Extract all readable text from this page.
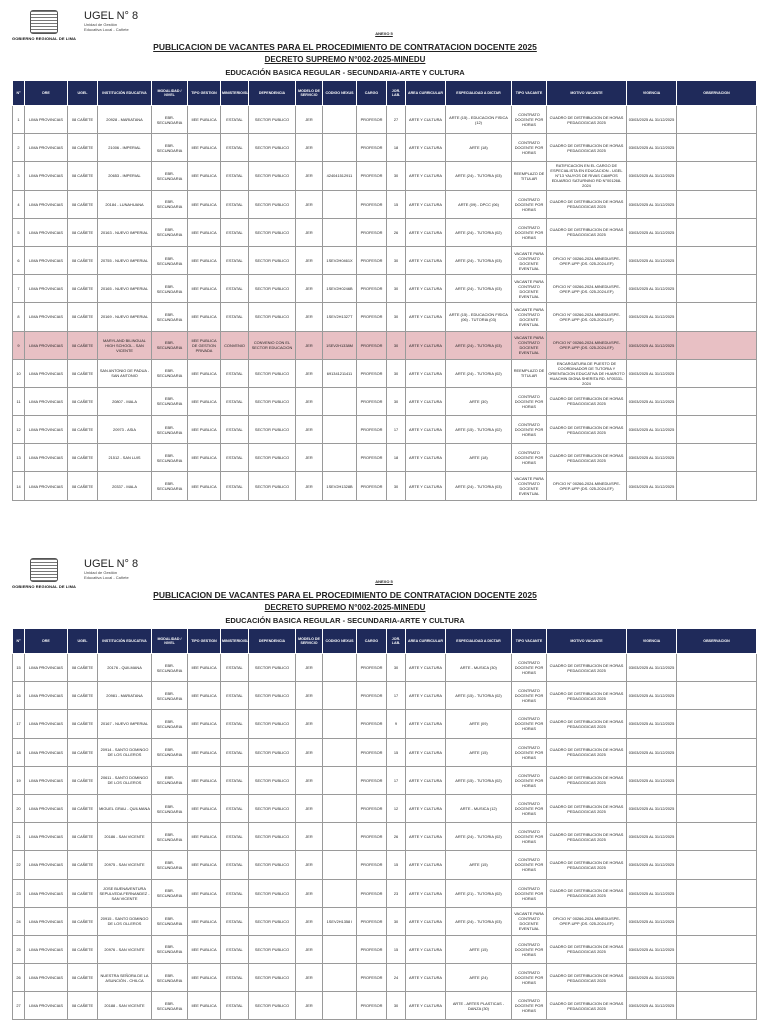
GOBIERNO REGIONAL DE LIMA
UGEL N° 8
Unidad de Gestión
Educativa Local - Cañete
ANEXO 5
PUBLICACION DE VACANTES PARA EL PROCEDIMIENTO DE CONTRATACION DOCENTE 2025
DECRETO SUPREMO N°002-2025-MINEDU
EDUCACIÓN BASICA REGULAR - SECUNDARIA-ARTE Y CULTURA
N°	DRE	UGEL	INSTITUCIÓN EDUCATIVA	MODALIDAD / NIVEL	TIPO GESTION	MINISTERIO/SL	DEPENDENCIA	MODELO DE SERVICIO	CODIGO NEXUS	CARGO	JOR. LAB.	AREA CURRICULAR	ESPECIALIDAD A DICTAR	TIPO VACANTE	MOTIVO VACANTE	VIGENCIA	OBSERVACION
1	LIMA PROVINCIAS	08 CAÑETE	20928 - MARIATANA	EBR-SECUNDARIA	IIEE PUBLICA	ESTATAL	SECTOR PUBLICO	JER		PROFESOR	27	ARTE Y CULTURA	ARTE (15) - EDUCACION FISICA (12)	CONTRATO DOCENTE POR HORAS	CUADRO DE DISTRIBUCION DE HORAS PEDAGOGICAS 2025	03/03/2025 AL 31/12/2025	
2	LIMA PROVINCIAS	08 CAÑETE	21006 - IMPERIAL	EBR-SECUNDARIA	IIEE PUBLICA	ESTATAL	SECTOR PUBLICO	JER		PROFESOR	18	ARTE Y CULTURA	ARTE (18)	CONTRATO DOCENTE POR HORAS	CUADRO DE DISTRIBUCION DE HORAS PEDAGOGICAS 2025	03/03/2025 AL 31/12/2025	
3	LIMA PROVINCIAS	08 CAÑETE	20653 - IMPERIAL	EBR-SECUNDARIA	IIEE PUBLICA	ESTATAL	SECTOR PUBLICO	JER	424041512911	PROFESOR	30	ARTE Y CULTURA	ARTE (24) - TUTORIA (03)	REEMPLAZO DE TITULAR	RATIFICACION EN EL CARGO DE ESPECIALISTA EN EDUCACION - UGEL N°13 YAUYOS DE RIVAS CAMPOS EDUARDO SATURNINO RD N°001268-2024	03/03/2025 AL 31/12/2025	
4	LIMA PROVINCIAS	08 CAÑETE	20184 - LUNAHUANA	EBR-SECUNDARIA	IIEE PUBLICA	ESTATAL	SECTOR PUBLICO	JER		PROFESOR	15	ARTE Y CULTURA	ARTE (09) - DPCC (06)	CONTRATO DOCENTE POR HORAS	CUADRO DE DISTRIBUCION DE HORAS PEDAGOGICAS 2025	03/03/2025 AL 31/12/2025	
5	LIMA PROVINCIAS	08 CAÑETE	20163 - NUEVO IMPERIAL	EBR-SECUNDARIA	IIEE PUBLICA	ESTATAL	SECTOR PUBLICO	JER		PROFESOR	26	ARTE Y CULTURA	ARTE (24) - TUTORIA (02)	CONTRATO DOCENTE POR HORAS	CUADRO DE DISTRIBUCION DE HORAS PEDAGOGICAS 2025	03/03/2025 AL 31/12/2025	
6	LIMA PROVINCIAS	08 CAÑETE	20755 - NUEVO IMPERIAL	EBR-SECUNDARIA	IIEE PUBLICA	ESTATAL	SECTOR PUBLICO	JER	1SEV2H0461X	PROFESOR	30	ARTE Y CULTURA	ARTE (24) - TUTORIA (03)	VACANTE PARA CONTRATO DOCENTE EVENTUAL	OFICIO N° 00266-2024-MINEDU/SPE-OPEP-UPP (DS. 025-2024-EF)	03/03/2025 AL 31/12/2025	
7	LIMA PROVINCIAS	08 CAÑETE	20165 - NUEVO IMPERIAL	EBR-SECUNDARIA	IIEE PUBLICA	ESTATAL	SECTOR PUBLICO	JER	1SEV2H0246B	PROFESOR	30	ARTE Y CULTURA	ARTE (24) - TUTORIA (03)	VACANTE PARA CONTRATO DOCENTE EVENTUAL	OFICIO N° 00266-2024-MINEDU/SPE-OPEP-UPP (DS. 025-2024-EF)	03/03/2025 AL 31/12/2025	
8	LIMA PROVINCIAS	08 CAÑETE	20169 - NUEVO IMPERIAL	EBR-SECUNDARIA	IIEE PUBLICA	ESTATAL	SECTOR PUBLICO	JER	1SEV2H1327T	PROFESOR	30	ARTE Y CULTURA	ARTE (15) - EDUCACION FISICA (06) - TUTORIA (03)	VACANTE PARA CONTRATO DOCENTE EVENTUAL	OFICIO N° 00266-2024-MINEDU/SPE-OPEP-UPP (DS. 025-2024-EF)	03/03/2025 AL 31/12/2025	
9	LIMA PROVINCIAS	08 CAÑETE	MARYLAND BILINGUAL HIGH SCHOOL - SAN VICENTE	EBR-SECUNDARIA	IIEE PUBLICA DE GESTION PRIVADA	CONVENIO	CONVENIO CON EL SECTOR EDUCACION	JER	1SEV2H1338M	PROFESOR	30	ARTE Y CULTURA	ARTE (24) - TUTORIA (03)	VACANTE PARA CONTRATO DOCENTE EVENTUAL	OFICIO N° 00266-2024-MINEDU/SPE-OPEP-UPP (DS. 025-2024-EF)	03/03/2025 AL 31/12/2025	
10	LIMA PROVINCIAS	08 CAÑETE	SAN ANTONIO DE PADUA - SAN ANTONIO	EBR-SECUNDARIA	IIEE PUBLICA	ESTATAL	SECTOR PUBLICO	JER	691341211411	PROFESOR	30	ARTE Y CULTURA	ARTE (24) - TUTORIA (02)	REEMPLAZO DE TITULAR	ENCARGATURA DE PUESTO DE COORDINADOR DE TUTORIA Y ORIENTACION EDUCATIVA DE HUAROTO HUACHIN DIGNA SHERITA RD. N°05331-2024	03/03/2025 AL 31/12/2025	
11	LIMA PROVINCIAS	08 CAÑETE	20807 - MALA	EBR-SECUNDARIA	IIEE PUBLICA	ESTATAL	SECTOR PUBLICO	JER		PROFESOR	30	ARTE Y CULTURA	ARTE (30)	CONTRATO DOCENTE POR HORAS	CUADRO DE DISTRIBUCION DE HORAS PEDAGOGICAS 2025	03/03/2025 AL 31/12/2025	
12	LIMA PROVINCIAS	08 CAÑETE	20973 - ASIA	EBR-SECUNDARIA	IIEE PUBLICA	ESTATAL	SECTOR PUBLICO	JER		PROFESOR	17	ARTE Y CULTURA	ARTE (15) - TUTORIA (02)	CONTRATO DOCENTE POR HORAS	CUADRO DE DISTRIBUCION DE HORAS PEDAGOGICAS 2025	03/03/2025 AL 31/12/2025	
13	LIMA PROVINCIAS	08 CAÑETE	21512 - SAN LUIS	EBR-SECUNDARIA	IIEE PUBLICA	ESTATAL	SECTOR PUBLICO	JER		PROFESOR	18	ARTE Y CULTURA	ARTE (18)	CONTRATO DOCENTE POR HORAS	CUADRO DE DISTRIBUCION DE HORAS PEDAGOGICAS 2025	03/03/2025 AL 31/12/2025	
14	LIMA PROVINCIAS	08 CAÑETE	20337 - MALA	EBR-SECUNDARIA	IIEE PUBLICA	ESTATAL	SECTOR PUBLICO	JER	1SEV2H1328B	PROFESOR	30	ARTE Y CULTURA	ARTE (24) - TUTORIA (03)	VACANTE PARA CONTRATO DOCENTE EVENTUAL	OFICIO N° 00266-2024-MINEDU/SPE-OPEP-UPP (DS. 025-2024-EF)	03/03/2025 AL 31/12/2025	
GOBIERNO REGIONAL DE LIMA
UGEL N° 8
Unidad de Gestión
Educativa Local - Cañete
ANEXO 5
PUBLICACION DE VACANTES PARA EL PROCEDIMIENTO DE CONTRATACION DOCENTE 2025
DECRETO SUPREMO N°002-2025-MINEDU
EDUCACIÓN BASICA REGULAR - SECUNDARIA-ARTE Y CULTURA
N°	DRE	UGEL	INSTITUCIÓN EDUCATIVA	MODALIDAD / NIVEL	TIPO GESTION	MINISTERIO/SL	DEPENDENCIA	MODELO DE SERVICIO	CODIGO NEXUS	CARGO	JOR. LAB.	AREA CURRICULAR	ESPECIALIDAD A DICTAR	TIPO VACANTE	MOTIVO VACANTE	VIGENCIA	OBSERVACION
15	LIMA PROVINCIAS	08 CAÑETE	20176 - QUILMANA	EBR-SECUNDARIA	IIEE PUBLICA	ESTATAL	SECTOR PUBLICO	JER		PROFESOR	30	ARTE Y CULTURA	ARTE - MUSICA (30)	CONTRATO DOCENTE POR HORAS	CUADRO DE DISTRIBUCION DE HORAS PEDAGOGICAS 2025	03/03/2025 AL 31/12/2025	
16	LIMA PROVINCIAS	08 CAÑETE	20981 - MARIATANA	EBR-SECUNDARIA	IIEE PUBLICA	ESTATAL	SECTOR PUBLICO	JER		PROFESOR	17	ARTE Y CULTURA	ARTE (15) - TUTORIA (02)	CONTRATO DOCENTE POR HORAS	CUADRO DE DISTRIBUCION DE HORAS PEDAGOGICAS 2025	03/03/2025 AL 31/12/2025	
17	LIMA PROVINCIAS	08 CAÑETE	20167 - NUEVO IMPERIAL	EBR-SECUNDARIA	IIEE PUBLICA	ESTATAL	SECTOR PUBLICO	JER		PROFESOR	9	ARTE Y CULTURA	ARTE (09)	CONTRATO DOCENTE POR HORAS	CUADRO DE DISTRIBUCION DE HORAS PEDAGOGICAS 2025	03/03/2025 AL 31/12/2025	
18	LIMA PROVINCIAS	08 CAÑETE	20914 - SANTO DOMINGO DE LOS OLLEROS	EBR-SECUNDARIA	IIEE PUBLICA	ESTATAL	SECTOR PUBLICO	JER		PROFESOR	15	ARTE Y CULTURA	ARTE (15)	CONTRATO DOCENTE POR HORAS	CUADRO DE DISTRIBUCION DE HORAS PEDAGOGICAS 2025	03/03/2025 AL 31/12/2025	
19	LIMA PROVINCIAS	08 CAÑETE	20611 - SANTO DOMINGO DE LOS OLLEROS	EBR-SECUNDARIA	IIEE PUBLICA	ESTATAL	SECTOR PUBLICO	JER		PROFESOR	17	ARTE Y CULTURA	ARTE (15) - TUTORIA (02)	CONTRATO DOCENTE POR HORAS	CUADRO DE DISTRIBUCION DE HORAS PEDAGOGICAS 2025	03/03/2025 AL 31/12/2025	
20	LIMA PROVINCIAS	08 CAÑETE	MIGUEL GRAU - QUILMANA	EBR-SECUNDARIA	IIEE PUBLICA	ESTATAL	SECTOR PUBLICO	JER		PROFESOR	12	ARTE Y CULTURA	ARTE - MUSICA (12)	CONTRATO DOCENTE POR HORAS	CUADRO DE DISTRIBUCION DE HORAS PEDAGOGICAS 2025	03/03/2025 AL 31/12/2025	
21	LIMA PROVINCIAS	08 CAÑETE	20186 - SAN VICENTE	EBR-SECUNDARIA	IIEE PUBLICA	ESTATAL	SECTOR PUBLICO	JER		PROFESOR	26	ARTE Y CULTURA	ARTE (24) - TUTORIA (02)	CONTRATO DOCENTE POR HORAS	CUADRO DE DISTRIBUCION DE HORAS PEDAGOGICAS 2025	03/03/2025 AL 31/12/2025	
22	LIMA PROVINCIAS	08 CAÑETE	20975 - SAN VICENTE	EBR-SECUNDARIA	IIEE PUBLICA	ESTATAL	SECTOR PUBLICO	JER		PROFESOR	15	ARTE Y CULTURA	ARTE (15)	CONTRATO DOCENTE POR HORAS	CUADRO DE DISTRIBUCION DE HORAS PEDAGOGICAS 2025	03/03/2025 AL 31/12/2025	
23	LIMA PROVINCIAS	08 CAÑETE	JOSE BUENAVENTURA SEPULVEDA FERNANDEZ - SAN VICENTE	EBR-SECUNDARIA	IIEE PUBLICA	ESTATAL	SECTOR PUBLICO	JER		PROFESOR	23	ARTE Y CULTURA	ARTE (21) - TUTORIA (02)	CONTRATO DOCENTE POR HORAS	CUADRO DE DISTRIBUCION DE HORAS PEDAGOGICAS 2025	03/03/2025 AL 31/12/2025	
24	LIMA PROVINCIAS	08 CAÑETE	20915 - SANTO DOMINGO DE LOS OLLEROS	EBR-SECUNDARIA	IIEE PUBLICA	ESTATAL	SECTOR PUBLICO	JER	1SEV2H1358 I	PROFESOR	30	ARTE Y CULTURA	ARTE (24) - TUTORIA (03)	VACANTE PARA CONTRATO DOCENTE EVENTUAL	OFICIO N° 00266-2024-MINEDU/SPE-OPEP-UPP (DS. 025-2024-EF)	03/03/2025 AL 31/12/2025	
25	LIMA PROVINCIAS	08 CAÑETE	20976 - SAN VICENTE	EBR-SECUNDARIA	IIEE PUBLICA	ESTATAL	SECTOR PUBLICO	JER		PROFESOR	15	ARTE Y CULTURA	ARTE (15)	CONTRATO DOCENTE POR HORAS	CUADRO DE DISTRIBUCION DE HORAS PEDAGOGICAS 2025	03/03/2025 AL 31/12/2025	
26	LIMA PROVINCIAS	08 CAÑETE	NUESTRA SEÑORA DE LA ASUNCIÓN - CHILCA	EBR-SECUNDARIA	IIEE PUBLICA	ESTATAL	SECTOR PUBLICO	JER		PROFESOR	24	ARTE Y CULTURA	ARTE (24)	CONTRATO DOCENTE POR HORAS	CUADRO DE DISTRIBUCION DE HORAS PEDAGOGICAS 2025	03/03/2025 AL 31/12/2025	
27	LIMA PROVINCIAS	08 CAÑETE	20188 - SAN VICENTE	EBR-SECUNDARIA	IIEE PUBLICA	ESTATAL	SECTOR PUBLICO	JER		PROFESOR	30	ARTE Y CULTURA	ARTE - ARTES PLASTICAS - DANZA (30)	CONTRATO DOCENTE POR HORAS	CUADRO DE DISTRIBUCION DE HORAS PEDAGOGICAS 2025	03/03/2025 AL 31/12/2025	
